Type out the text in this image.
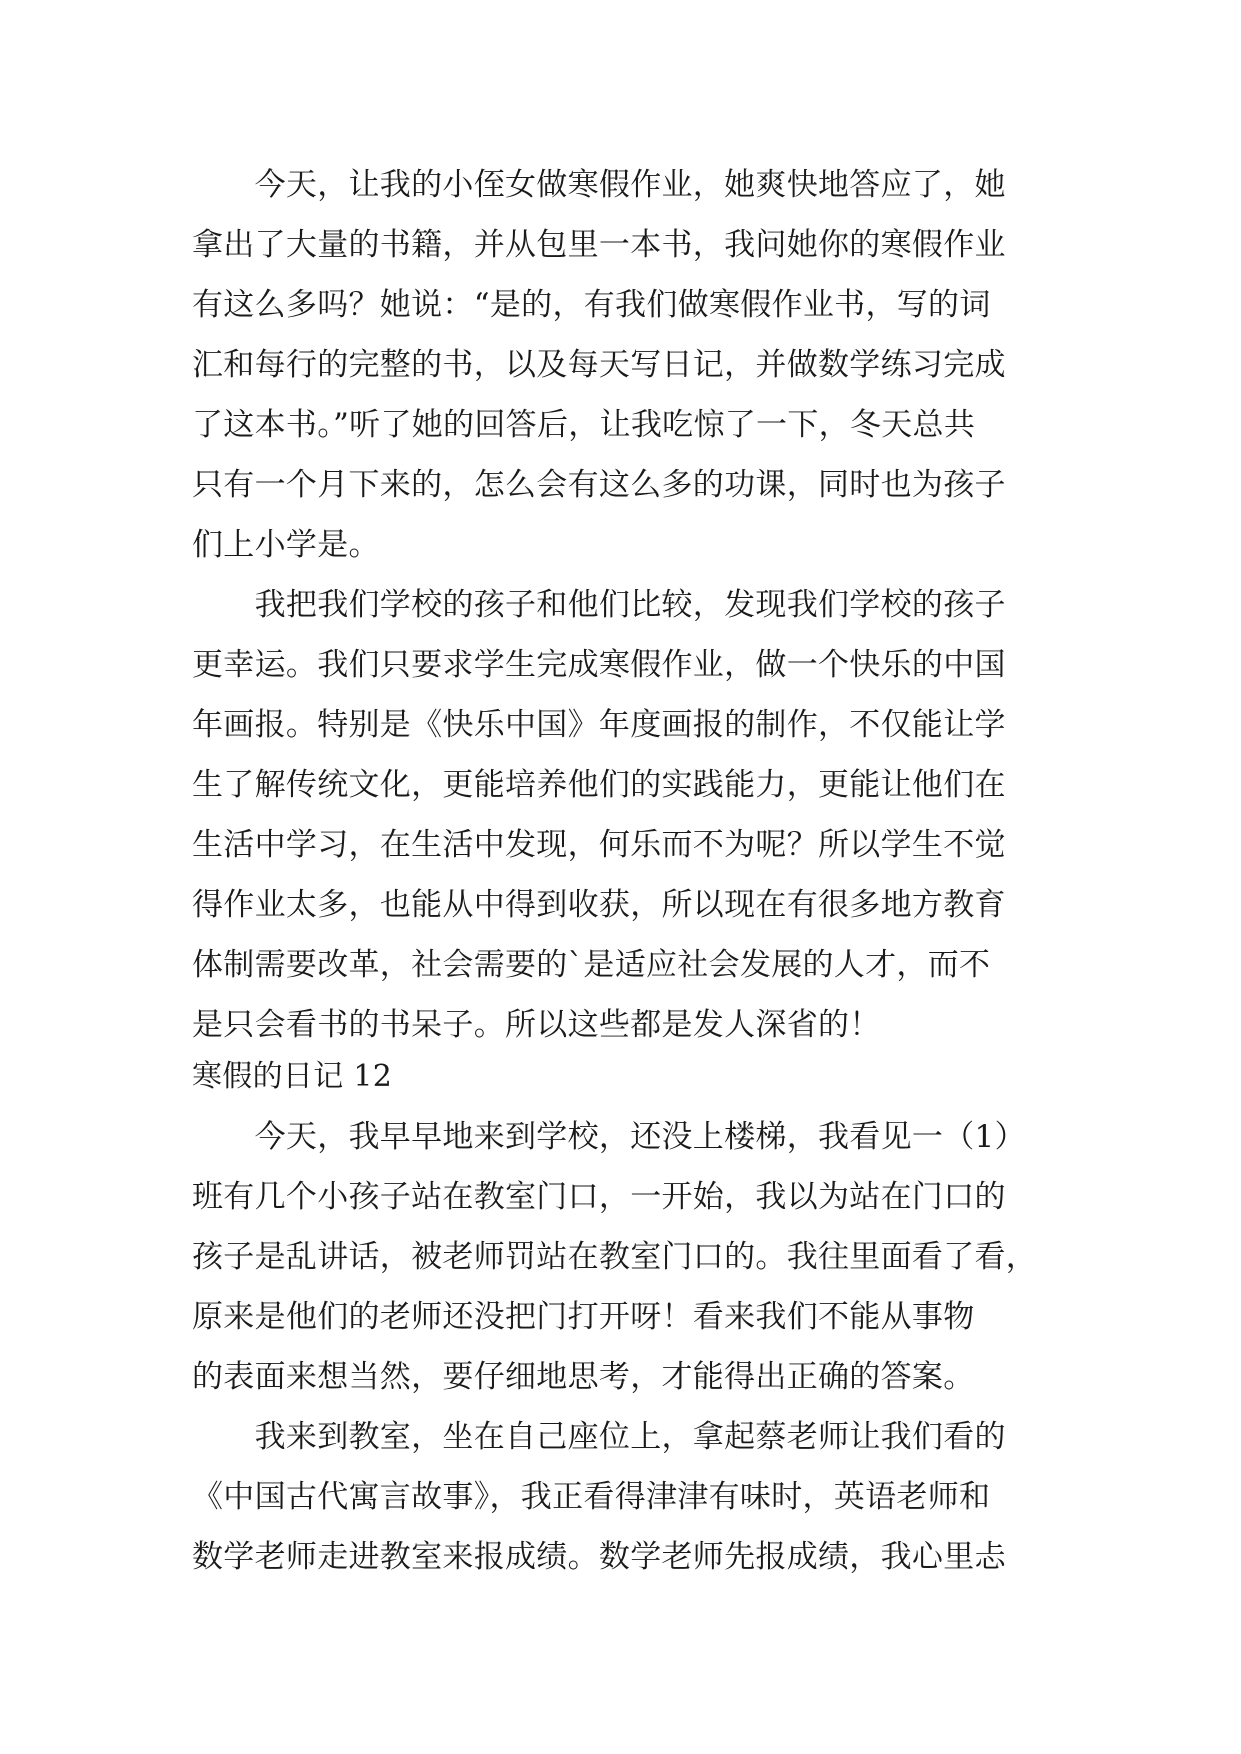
　　今天，让我的小侄女做寒假作业，她爽快地答应了，她
拿出了大量的书籍，并从包里一本书，我问她你的寒假作业
有这么多吗？她说：“是的，有我们做寒假作业书，写的词
汇和每行的完整的书，以及每天写日记，并做数学练习完成
了这本书。”听了她的回答后，让我吃惊了一下，冬天总共
只有一个月下来的，怎么会有这么多的功课，同时也为孩子
们上小学是。
　　我把我们学校的孩子和他们比较，发现我们学校的孩子
更幸运。我们只要求学生完成寒假作业，做一个快乐的中国
年画报。特别是《快乐中国》年度画报的制作，不仅能让学
生了解传统文化，更能培养他们的实践能力，更能让他们在
生活中学习，在生活中发现，何乐而不为呢？所以学生不觉
得作业太多，也能从中得到收获，所以现在有很多地方教育
体制需要改革，社会需要的`是适应社会发展的人才，而不
是只会看书的书呆子。所以这些都是发人深省的！
寒假的日记 12
　　今天，我早早地来到学校，还没上楼梯，我看见一（1）
班有几个小孩子站在教室门口，一开始，我以为站在门口的
孩子是乱讲话，被老师罚站在教室门口的。我往里面看了看，
原来是他们的老师还没把门打开呀！看来我们不能从事物
的表面来想当然，要仔细地思考，才能得出正确的答案。
　　我来到教室，坐在自己座位上，拿起蔡老师让我们看的
《中国古代寓言故事》，我正看得津津有味时，英语老师和
数学老师走进教室来报成绩。数学老师先报成绩，我心里忐
